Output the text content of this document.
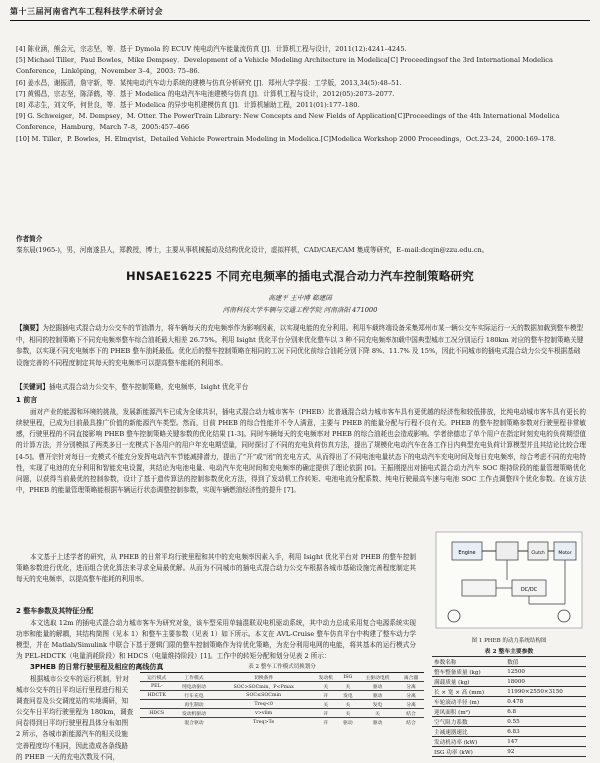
第十三届河南省汽车工程科技学术研讨会

[4] 陈业涵，熊会元，宗志坚，等．基于 Dymola 的 ECUV 纯电动汽车能量流仿真 [J]．计算机工程与设计，2011(12):4241–4245.

[5] Michael Tiller，Paul Bowles，Mike Dempsey．Development of a Vehicle Modeling Architecture in Modelica[C] Proceedingsof the 3rd International Modelica Conference，Linköping，November 3–4，2003: 75–86.

[6] 姜水昌，谢振清，詹守新，等．某纯电动汽车动力系统的建模与仿真分析研究 [J]．郑州大学学报：工学版，2013,34(5):48–51.

[7] 黄锡昌，宗志坚，陈泽鹤，等．基于 Modelica 的电动汽车电池建模与仿真 [J]．计算机工程与设计，2012(05):2073–2077.

[8] 邓志生，刘文华，何世良，等．基于 Modelica 的异步电机建模仿真 [J]．计算机辅助工程，2011(01):177–180.

[9] G. Schweiger，M. Dempsey，M. Otter. The PowerTrain Library: New Concepts and New Fields of Application[C]Proceedings of the 4th International Modelica Conference，Hamburg，March 7–8，2005:457–466

[10] M. Tiller，P. Bowles，H. Elmqvist，Detailed Vehicle Powertrain Modeling in Modelica.[C]Modelica Workshop 2000 Proceedings，Oct.23–24，2000:169–178.

作者简介

秦东晨(1965-)，男，河南遂县人，郑教授，博士，主要从事机械振动及结构优化设计，虚拟样机，CAD/CAE/CAM 集成等研究，E–mail:dcqin@zzu.edu.cn。

HNSAE16225 不同充电频率的插电式混合动力汽车控制策略研究
高建平 王中博 郗建国
河南科技大学车辆与交通工程学院 河南洛阳 471000
【摘要】为挖掘插电式混合动力公交车的节油潜力，将车辆每天的充电频率作为影响因素，以实现电能的充分利用。利用车载终端设备采集郑州市某一辆公交车实际运行一天的数据加载到整车模型中，相同的控制策略下不同充电频率整车综合油耗最大相差 26.75%。利用 Isight 优化平台分别来优化整车以 3 种不同充电频率加载中国典型城市工况分别运行 180km 对应的整车控制策略关键参数，以实现不同充电频率下的 PHEB 整车油耗最低。优化后的整车控制策略在相同的工况下同优化前综合油耗分别下降 8%、11.7% 及 15%，因此不同城市的插电式混合动力公交车根据基础设施完善的不同程度制定其每天的充电频率可以提高整车能耗的利用率。
【关键词】插电式混合动力公交车，整车控制策略，充电频率，Isight 优化平台
1 前言
面对产业的能源和环境的挑战，发展新能源汽车已成为全球共识，插电式混合动力城市客车（PHEB）比普通混合动力城市客车具有更优越的经济性和较低排放，比纯电动城市客车具有更长的续驶里程，已成为目前最具推广价值的新能源汽车类型。然而，目前 PHEB 的综合性能并不令人满意，主要与 PHEB 的能量分配与行程不良有关。PHEB 的整车控制策略参数对行驶里程非常敏感，行驶里程的不同直接影响 PHEB 整车控制策略关键参数的优化结果 [1-3]。同时车辆每天的充电频率对 PHEB 的综合油耗也会造成影响。学者徐德忠了单个用户在指定时刻充电的负荷期望值的计算方法，并分别模拟了两类多日一充模式下各用户的用户年充电期望量，同时探讨了不同的充电负荷仿真方法，提出了规模化电动汽车在各工作日内典型充电负荷计算模型并且其结论比较合理 [4-5]。曹开宗针对每日一充模式不能充分发挥电动汽车节能减排潜力，提出了“开”或“闭”的充电方式，从而得出了不同电池电量状态下的电动汽车充电时间及每日充电频率，综合考虑不同的充电特性，实现了电池的充分利用和智能充电设置，其结论为电池电量、电动汽车充电时间和充电频率的确定提供了理论依据 [6]。王振刚提出对插电式混合动力汽车 SOC 维持阶段的能量管理策略优化问题，以获得当前最优的控制参数，设计了基于遗传算法的控制参数优化方法，得到了发动机工作转矩、电池电流分配系数、纯电行驶最高车速与电池 SOC 工作点调整四个优化参数。在该方法中，PHEB 的能量管理策略能根据车辆运行状态调整控制参数，实现车辆燃油经济性的提升 [7]。
本文基于上述学者的研究，从 PHEB 的日常平均行驶里程和其中的充电频率因素入手，利用 Isight 优化平台对 PHEB 的整车控制策略参数进行优化，进而组合优化算法来寻求全局最优解。从而为不同城市的插电式混合动力公交车根据各城市基础设施完善程度制定其每天的充电频率，以提高整车能耗的利用率。
2 整车参数及其特征分配
本文选取 12m 的插电式混合动力城市客车为研究对象，该车型采用单轴混联双电机驱动系统，其中动力总成采用复合电源系统实现功率和能量的解耦，其结构简图（见本 1）和整车主要参数（见表 1）如下所示。本文在 AVL-Cruise 整车仿真平台中构建了整车动力学模型，并在 Matlab/Simulink 中联合下基于逻辑门限的整车控制策略作为待优化策略，为充分利用电网的电能，将其基本的运行模式分为 PEL-HDCTK（电量消耗阶段）和 HDCS（电量维持阶段）[1]。工作中的转矩分配和划分见表 2 所示：
3PHEB 的日常行驶里程及相应的离线仿真
根据城市公交车的运行机制，针对城市公交车的日平均运行里程进行相关调查问卷及公交调度站的实地调研，知公交车日平均行驶里程为 180km，调查问卷得到日平均行驶里程具体分布如图 2 所示，各城市新能源汽车的相关设施完善程度均不相同，因此造成各条线路的 PHEB 一天的充电次数及不同，
Engine	Clutch	Motor
DC/DC
图 1 PHEB 的动力系统结构图
表 2 整车主要参数
参数名称	数值
整车整备质量 (kg)	12500
满载质量 (kg)	18000
长 × 宽 × 高 (mm)	11990×2550×3150
车轮滚动半径 (m)	0.478
迎风面积 (m²)	6.8
空气阻力系数	0.55
主减速器速比	6.83
发动机功率 (kW)	147
ISG 功率 (kW)	92
表 2 整车工作模式切换划分
运行模式	工作模式	切换条件	发动机	ISG	主驱动电机	离合器
PEL-	纯电动驱动	SOC>SOCmin，P<Pmax	关	关	驱动	分离
HDCTK	行车充电	SOC≤SOCmin	开	发电	驱动	分离
	再生制动	Treq<0	关	关	发电	分离
HDCS	发动机驱动	v>vlim	开	关	关	结合
	混合驱动	Treq>Te	开	驱动	驱动	结合
